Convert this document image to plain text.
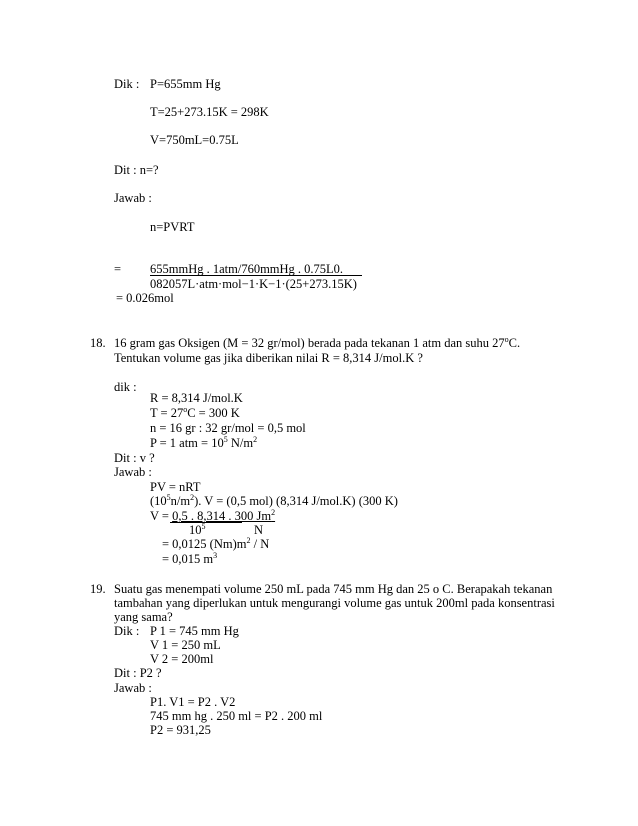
Dik : P=655mm Hg
T=25+273.15K = 298K
V=750mL=0.75L
Dit : n=?
Jawab :
n=PVRT
= 655mmHg . 1atm/760mmHg . 0.75L0.
082057L·atm·mol−1·K−1·(25+273.15K)
= 0.026mol
18. 16 gram gas Oksigen (M = 32 gr/mol) berada pada tekanan 1 atm dan suhu 27$^o$C.
Tentukan volume gas jika diberikan nilai R = 8,314 J/mol.K ?
dik :
R = 8,314 J/mol.K
$T = 27^oC = 300$ K
n = 16 gr : 32 gr/mol = 0,5 mol
P = 1 atm = $10^5$ $N/m^2$
Dit : v ?
Jawab :
PV = nRT
$(10^5n/m^2)$. V = (0,5 mol) (8,314 J/mol.K) (300 K)
V = 0,5 . 8,314 . 300 Jm$^2$
$10^5$	N
= 0,0125 $(Nm)m^2$ / N
= 0,015 $m^3$
19. Suatu gas menempati volume 250 mL pada 745 mm Hg dan 25 o C. Berapakah tekanan
tambahan yang diperlukan untuk mengurangi volume gas untuk 200ml pada konsentrasi
yang sama?
Dik : P 1 = 745 mm Hg
V 1 = 250 mL
V 2 = 200ml
Dit : P2 ?
Jawab :
P1. V1 = P2 . V2
745 mm hg . 250 ml = P2 . 200 ml
P2 = 931,25
